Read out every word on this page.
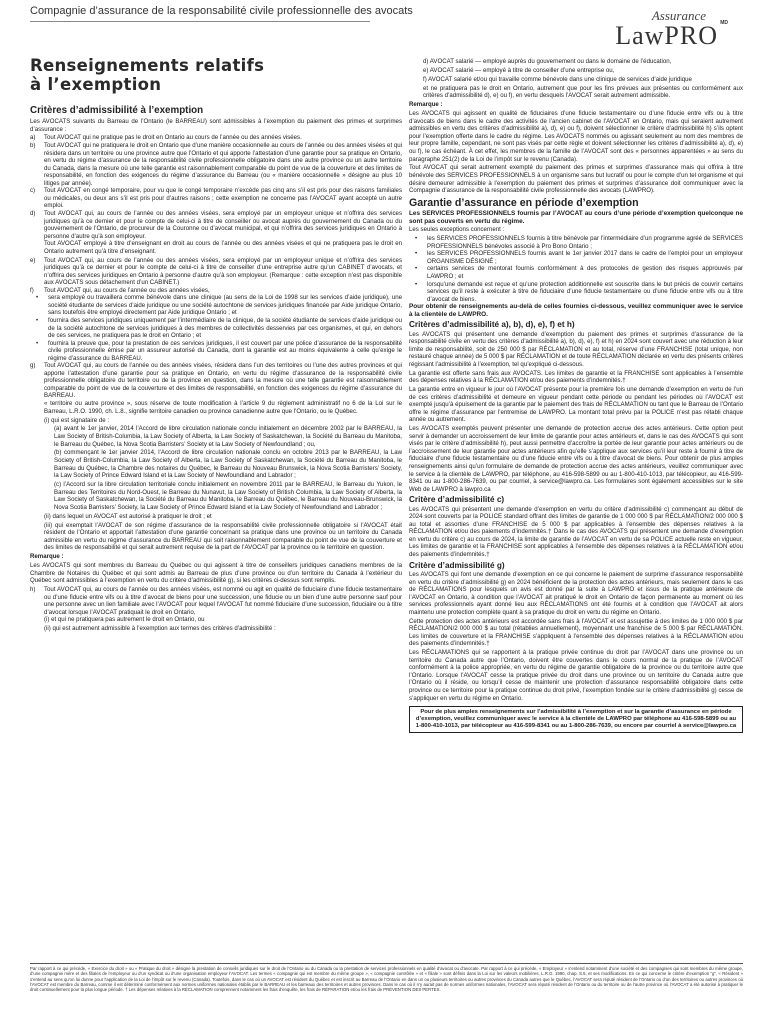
Compagnie d’assurance de la responsabilité civile professionnelle des avocats	Assurance
LawPRO MD
Renseignements relatifs
à l’exemption
Critères d’admissibilité à l’exemption

Les AVOCATS suivants du Barreau de l’Ontario (le BARREAU) sont admissibles à l’exemption du paiement des primes et surprimes d’assurance :

a)	Tout AVOCAT qui ne pratique pas le droit en Ontario au cours de l’année ou des années visées.
b)	Tout AVOCAT qui ne pratiquera le droit en Ontario que d’une manière occasionnelle au cours de l’année ou des années visées et qui résidera dans un territoire ou une province autre que l’Ontario et qui apporte l’attestation d’une garantie pour sa pratique en Ontario, en vertu du régime d’assurance de la responsabilité civile professionnelle obligatoire dans une autre province ou un autre territoire du Canada, dans la mesure où une telle garantie est raisonnablement comparable du point de vue de la couverture et des limites de responsabilité, en fonction des exigences du régime d’assurance du Barreau (ou « manière occasionnelle » désigne au plus 10 litiges par année).
c)	Tout AVOCAT en congé temporaire, pour vu que le congé temporaire n’excède pas cinq ans s’il est pris pour des raisons familiales ou médicales, ou deux ans s’il est pris pour d’autres raisons ; cette exemption ne concerne pas l’AVOCAT ayant accepté un autre emploi.
d)	Tout AVOCAT qui, au cours de l’année ou des années visées, sera employé par un employeur unique et n’offrira des services juridiques qu’à ce dernier et pour le compte de celui-ci à titre de conseiller ou avocat auprès du gouvernement du Canada ou du gouvernement de l’Ontario, de procureur de la Couronne ou d’avocat municipal, et qui n’offrira des services juridiques en Ontario à personne d’autre qu’à son employeur.

Tout AVOCAT employé à titre d’enseignant en droit au cours de l’année ou des années visées et qui ne pratiquera pas le droit en Ontario autrement qu’à titre d’enseignant.

e)	Tout AVOCAT qui, au cours de l’année ou des années visées, sera employé par un employeur unique et n’offrira des services juridiques qu’à ce dernier et pour le compte de celui-ci à titre de conseiller d’une entreprise autre qu’un CABINET d’avocats, et n’offrira des services juridiques en Ontario à personne d’autre qu’à son employeur. (Remarque : cette exception n’est pas disponible aux AVOCATS sous détachement d’un CABINET.)
f)	Tout AVOCAT qui, au cours de l’année ou des années visées,
•	sera employé ou travaillera comme bénévole dans une clinique (au sens de la Loi de 1998 sur les services d’aide juridique), une société étudiante de services d’aide juridique ou une société autochtone de services juridiques financée par Aide juridique Ontario, sans toutefois être employé directement par Aide juridique Ontario ; et
•	fournira des services juridiques uniquement par l’intermédiaire de la clinique, de la société étudiante de services d’aide juridique ou de la société autochtone de services juridiques à des membres de collectivités desservies par ces organismes, et qui, en dehors de ces services, ne pratiquera pas le droit en Ontario ; et
•	fournira la preuve que, pour la prestation de ces services juridiques, il est couvert par une police d’assurance de la responsabilité civile professionnelle émise par un assureur autorisé du Canada, dont la garantie est au moins équivalente à celle qu’exige le régime d’assurance du BARREAU.
g)	Tout AVOCAT qui, au cours de l’année ou des années visées, résidera dans l’un des territoires ou l’une des autres provinces et qui apporte l’attestation d’une garantie pour sa pratique en Ontario, en vertu du régime d’assurance de la responsabilité civile professionnelle obligatoire du territoire ou de la province en question, dans la mesure où une telle garantie est raisonnablement comparable du point de vue de la couverture et des limites de responsabilité, en fonction des exigences du régime d’assurance du BARREAU.

« territoire ou autre province », sous réserve de toute modification à l’article 9 du règlement administratif no 6 de la Loi sur le Barreau, L.R.O. 1990, ch. L.8., signifie territoire canadien ou province canadienne autre que l’Ontario, ou le Québec.

(i) qui est signataire de :

(a) avant le 1er janvier, 2014 l’Accord de libre circulation nationale conclu initialement en décembre 2002 par le BARREAU, la Law Society of British-Columbia, la Law Society of Alberta, la Law Society of Saskatchewan, la Société du Barreau du Manitoba, le Barreau du Québec, la Nova Scotia Barristers’ Society et la Law Society of Newfoundland ; ou,

(b) commençant le 1er janvier 2014, l’Accord de libre circulation nationale conclu en octobre 2013 par le BARREAU, la Law Society of British-Columbia, la Law Society of Alberta, la Law Society of Saskatchewan, la Société du Barreau du Manitoba, le Barreau du Québec, la Chambre des notaires du Québec, le Barreau du Nouveau Brunswick, la Nova Scotia Barristers’ Society, la Law Society of Prince Edward Island et la Law Society of Newfoundland and Labrador ;

(c) l’Accord sur la libre circulation territoriale conclu initialement en novembre 2011 par le BARREAU, le Barreau du Yukon, le Barreau des Territoires du Nord-Ouest, le Barreau du Nunavut, la Law Society of British Columbia, la Law Society of Alberta, la Law Society of Saskatchewan, la Société du Barreau du Manitoba, le Barreau du Québec, le Barreau du Nouveau-Brunswick, la Nova Scotia Barristers’ Society, la Law Society of Prince Edward Island et la Law Society of Newfoundland and Labrador ;

(ii) dans lequel un AVOCAT est autorisé à pratiquer le droit ; et

(iii) qui exemptait l’AVOCAT de son régime d’assurance de la responsabilité civile professionnelle obligatoire si l’AVOCAT était résident de l’Ontario et apportait l’attestation d’une garantie concernant sa pratique dans une province ou un territoire du Canada admissible en vertu du régime d’assurance du BARREAU qui soit raisonnablement comparable du point de vue de la couverture et des limites de responsabilité et qui serait autrement requise de la part de l’AVOCAT par la province ou le territoire en question.

Remarque :

Les AVOCATS qui sont membres du Barreau du Québec ou qui agissent à titre de conseillers juridiques canadiens membres de la Chambre de Notaires du Québec et qui sont admis au Barreau de plus d’une province ou d’un territoire du Canada à l’extérieur du Québec sont admissibles à l’exemption en vertu du critère d’admissibilité g), si les critères ci-dessus sont remplis.

h)	Tout AVOCAT qui, au cours de l’année ou des années visées, est nommé ou agit en qualité de fiduciaire d’une fiducie testamentaire ou d’une fiducie entre vifs ou à titre d’avocat de biens pour une succession, une fiducie ou un bien d’une autre personne sauf pour une personne avec un lien familiale avec l’AVOCAT pour lequel l’AVOCAT fut nommé fiduciaire d’une succession, fiduciaire ou à titre d’avocat lorsque l’AVOCAT pratiquait le droit en Ontario,

(i) et qui ne pratiquera pas autrement le droit en Ontario, ou

(ii) qui est autrement admissible à l’exemption aux termes des critères d’admissibilité :

d) AVOCAT salarié — employé auprès du gouvernement ou dans le domaine de l’éducation,

e) AVOCAT salarié — employé à titre de conseiller d’une entreprise ou,

f) AVOCAT salarié et/ou qui travaille comme bénévole dans une clinique de services d’aide juridique

et ne pratiquera pas le droit en Ontario, autrement que pour les fins prévues aux présentes ou conformément aux critères d’admissibilité d), e) ou f), en vertu desquels l’AVOCAT serait autrement admissible.

Remarque :

Les AVOCATS qui agissent en qualité de fiduciaires d’une fiducie testamentaire ou d’une fiducie entre vifs ou à titre d’avocats de biens dans le cadre des activités de l’ancien cabinet de l’AVOCAT en Ontario, mais qui seraient autrement admissibles en vertu des critères d’admissibilité a), d), e) ou f), doivent sélectionner le critère d’admissibilité h) s’ils optent pour l’exemption offerte dans le cadre du régime. Les AVOCATS nommés ou agissant seulement au nom des membres de leur propre famille, cependant, ne sont pas visés par cette règle et doivent sélectionner les critères d’admissibilité a), d), e) ou f), le cas échéant. À cet effet, les membres de la famille de l’AVOCAT sont des « personnes apparentées » au sens du paragraphe 251(2) de la Loi de l’impôt sur le revenu (Canada).

Tout AVOCAT qui serait autrement exempté du paiement des primes et surprimes d’assurance mais qui offrira à titre bénévole des SERVICES PROFESSIONNELS à un organisme sans but lucratif ou pour le compte d’un tel organisme et qui désire demeurer admissible à l’exemption du paiement des primes et surprimes d’assurance doit communiquer avec la Compagnie d’assurance de la responsabilité civile professionnelle des avocats (LAWPRO).

Garantie d’assurance en période d’exemption

Les SERVICES PROFESSIONNELS fournis par l’AVOCAT au cours d’une période d’exemption quelconque ne sont pas couverts en vertu du régime.

Les seules exceptions concernent :

•	les SERVICES PROFESSIONNELS fournis à titre bénévole par l’intermédiaire d’un programme agréé de SERVICES PROFESSIONNELS bénévoles associé à Pro Bono Ontario ;
•	les SERVICES PROFESSIONNELS fournis avant le 1er janvier 2017 dans le cadre de l’emploi pour un employeur ORGANISME DÉSIGNÉ ;
•	certains services de mentorat fournis conformément à des protocoles de gestion des risques approuvés par LAWPRO ; et
•	lorsqu’une demande est reçue et qu’une protection additionnelle est souscrite dans le but précis de couvrir certains services qu’il reste à exécuter à titre de fiduciaire d’une fiducie testamentaire ou d’une fiducie entre vifs ou à titre d’avocat de biens.

Pour obtenir de renseignements au-delà de celles fournies ci-dessous, veuillez communiquer avec le service à la clientèle de LAWPRO.

Critères d’admissibilité a), b), d), e), f) et h)

Les AVOCATS qui présentent une demande d’exemption du paiement des primes et surprimes d’assurance de la responsabilité civile en vertu des critères d’admissibilité a), b), d), e), f) et h) en 2024 sont couvert avec une réduction à leur limite de responsabilité, soit de 250 000 $ par RÉCLAMATION et au total, réserve d’une FRANCHISE (total unique, non restauré chaque année) de 5 000 $ par RÉCLAMATION et de toute RÉCLAMATION déclarée en vertu des présents critères régissant l’admissibilité à l’exemption, tel qu’expliqué ci-dessous.

La garantie est offerte sans frais aux AVOCATS. Les limites de garantie et la FRANCHISE sont applicables à l’ensemble des dépenses relatives à la RÉCLAMATION et/ou des paiements d’indemnités.†

La garantie entre en vigueur le jour où l’AVOCAT présente pour la première fois une demande d’exemption en vertu de l’un de ces critères d’admissibilité et demeure en vigueur pendant cette période ou pendant les périodes où l’AVOCAT est exempté jusqu’à épuisement de la garantie par le paiement des frais de RÉCLAMATION ou tant que le Barreau de l’Ontario offre le régime d’assurance par l’entremise de LAWPRO. La montant total prévu par la POLICE n’est pas rétabli chaque année ou autrement.

Les AVOCATS exemptés peuvent présenter une demande de protection accrue des actes antérieurs. Cette option peut servir à demander un accroissement de leur limite de garantie pour actes antérieurs et, dans le cas des AVOCATS qui sont visés par le critère d’admissibilité h), peut aussi permettre d’accroître la portée de leur garantie pour actes antérieurs ou de l’accroissement de leur garantie pour actes antérieurs afin qu’elle s’applique aux services qu’il leur reste à fournir à titre de fiduciaire d’une fiducie testamentaire ou d’une fiducie entre vifs ou à titre d’avocat de biens. Pour obtenir de plus amples renseignements ainsi qu’un formulaire de demande de protection accrue des actes antérieurs, veuillez communiquer avec le service à la clientèle de LAWPRO, par téléphone, au 416-598-5899 ou au 1-800-410-1013, par télécopieur, au 416-599-8341 ou au 1-800-286-7639, ou par courriel, à service@lawpro.ca. Les formulaires sont également accessibles sur le site Web de LAWPRO à lawpro.ca

Critère d’admissibilité c)

Les AVOCATS qui présentent une demande d’exemption en vertu du critère d’admissibilité c) commençant au début de 2024 sont couverts par la POLICE standard offrant des limites de garantie de 1 000 000 $ par RÉCLAMATION/2 000 000 $ au total et assorties d’une FRANCHISE de 5 000 $ par applicables à l’ensemble des dépenses relatives à la RÉCLAMATION et/ou des paiements d’indemnités.† Dans le cas des AVOCATS qui présentent une demande d’exemption en vertu du critère c) au cours de 2024, la limite de garantie de l’AVOCAT en vertu de sa POLICE actuelle reste en vigueur. Les limites de garantie et la FRANCHISE sont applicables à l’ensemble des dépenses relatives à la RÉCLAMATION et/ou des paiements d’indemnités.†

Critère d’admissibilité g)

Les AVOCATS qui font une demande d’exemption en ce qui concerne le paiement de surprime d’assurance responsabilité en vertu du critère d’admissibilité g) en 2024 bénéficient de la protection des actes antérieurs, mais seulement dans le cas de RÉCLAMATIONS pour lesquels un avis est donné par la suite à LAWPRO et issus de la pratique antérieure de l’AVOCAT en Ontario, à condition que l’AVOCAT ait pratiqué le droit en Ontario de façon permanente au moment où les services professionnels ayant donné lieu aux RÉCLAMATIONS ont été fournis et à condition que l’AVOCAT ait alors maintenu une protection complète quant à sa pratique du droit en vertu du régime en Ontario.

Cette protection des actes antérieurs est accordée sans frais à l’AVOCAT et est assujettie à des limites de 1 000 000 $ par RÉCLAMATION/2 000 000 $ au total (rétablies annuellement), moyennant une franchise de 5 000 $ par RÉCLAMATION. Les limites de couverture et la FRANCHISE s’appliquent à l’ensemble des dépenses relatives à la RÉCLAMATION et/ou des paiements d’indemnités.†

Les RÉCLAMATIONS qui se rapportent à la pratique privée continue du droit par l’AVOCAT dans une province ou un territoire du Canada autre que l’Ontario, doivent être couvertes dans le cours normal de la pratique de l’AVOCAT conformément à la police appropriée, en vertu du régime de garantie obligatoire de la province ou du territoire autre que l’Ontario. Lorsque l’AVOCAT cesse la pratique privée du droit dans une province ou un territoire du Canada autre que l’Ontario où il réside, ou lorsqu’il cesse de maintenir une protection d’assurance responsabilité obligatoire dans cette province ou ce territoire pour la pratique continue du droit privé, l’exemption fondée sur le critère d’admissibilité g) cesse de s’appliquer en vertu du régime en Ontario.

Pour de plus amples renseignements sur l’admissibilité à l’exemption et sur la garantie d’assurance en période d’exemption, veuillez communiquer avec le service à la clientèle de LAWPRO par téléphone au 416-598-5899 ou au 1-800-410-1013, par télécopieur au 416-599-8341 ou au 1-800-286-7639, ou encore par courriel à service@lawpro.ca
Par rapport à ce qui précède, « Exercice du droit » ou « Pratique du droit » désigne la prestation de conseils juridiques sur le droit de l’Ontario ou du Canada ou la prestation de services professionnels en qualité d’avocat ou d’avocate. Par rapport à ce qui précède, « Employeur » s’entend notamment d’une société et des compagnies qui sont membres du même groupe, d’une compagnie mère et des filiales de l’employeur ou d’un syndicat ou d’une organisation employeur l’AVOCAT. Les termes « compagnie qui est membre du même groupe », « compagnie contrôlée » et « filiale » sont définis dans la Loi sur les valeurs mobilières, L.R.O. 1990, chap. S.5, et ses modifications. En ce qui concerne le critère d’exemption “g”, « Résident » s’entend au sens qu’on lui donne pour l’application de la Loi de l’impôt sur le revenu (Canada). Toutefois, dans le cas où un AVOCAT est résident du Québec et est inscrit au Barreau de l’Ontario en dans un ou plusieurs territoires ou autres provinces du Canada autres que le Québec, l’AVOCAT sera réputé résident de l’Ontario ou d’un des territoires ou autres provinces où l’AVOCAT est membre du Barreau, comme il est déterminé conformément aux normes uniformes nationales établis par le BARREAU et les barreaux des territoires et autres provinces. Dans le cas où il n’y aurait pas de normes uniformes nationales, l’AVOCAT sera réputé résident de l’Ontario ou du territoire ou de l’autre province où l’AVOCAT a été autorisé à pratiquer le droit continuellement pour la plus longue période. † Les dépenses relatives à la RÉCLAMATION comprennent notamment les frais d’enquête, les frais de RÉPARATION et/ou les frais de PRÉVENTION DES PERTES.
